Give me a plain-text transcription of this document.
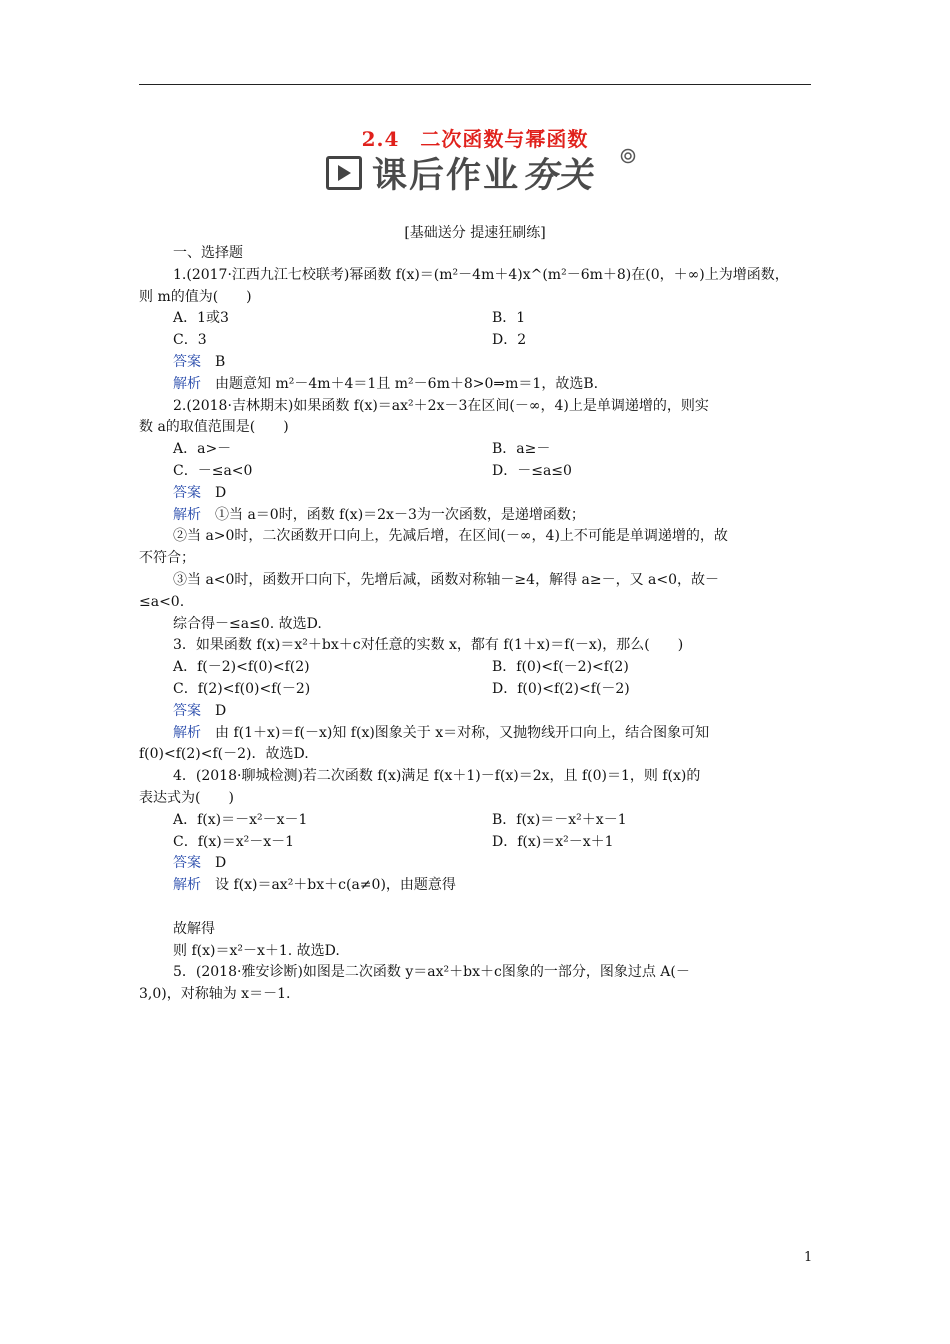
2.4　二次函数与幂函数
课后作业 夯关
[基础送分 提速狂刷练]
一、选择题
1.(2017·江西九江七校联考)幂函数 f(x)＝(m²－4m＋4)x^(m²－6m＋8)在(0，＋∞)上为增函数，
则 m的值为(　　)
A．1或3	B．1
C．3	D．2
答案　 B
解析　 由题意知 m²－4m＋4＝1且 m²－6m＋8>0⇒m＝1，故选B.
2.(2018·吉林期末)如果函数 f(x)＝ax²＋2x－3在区间(－∞，4)上是单调递增的，则实
数 a的取值范围是(　　)
A．a>－	B．a≥－
C．－≤a<0	D．－≤a≤0
答案　 D
解析　 ①当 a＝0时，函数 f(x)＝2x－3为一次函数，是递增函数；
②当 a>0时，二次函数开口向上，先减后增，在区间(－∞，4)上不可能是单调递增的，故
不符合；
③当 a<0时，函数开口向下，先增后减，函数对称轴－≥4，解得 a≥－，又 a<0，故－
≤a<0.
综合得－≤a≤0. 故选D.
3．如果函数 f(x)＝x²＋bx＋c对任意的实数 x，都有 f(1＋x)＝f(－x)，那么(　　)
A．f(－2)<f(0)<f(2)	B．f(0)<f(－2)<f(2)
C．f(2)<f(0)<f(－2)	D．f(0)<f(2)<f(－2)
答案　 D
解析　 由 f(1＋x)＝f(－x)知 f(x)图象关于 x＝对称，又抛物线开口向上，结合图象可知
f(0)<f(2)<f(－2)．故选D.
4．(2018·聊城检测)若二次函数 f(x)满足 f(x＋1)－f(x)＝2x，且 f(0)＝1，则 f(x)的
表达式为(　　)
A．f(x)＝－x²－x－1	B．f(x)＝－x²＋x－1
C．f(x)＝x²－x－1	D．f(x)＝x²－x＋1
答案　 D
解析　 设 f(x)＝ax²＋bx＋c(a≠0)，由题意得
故解得
则 f(x)＝x²－x＋1. 故选D.
5．(2018·雅安诊断)如图是二次函数 y＝ax²＋bx＋c图象的一部分，图象过点 A(－
3,0)，对称轴为 x＝－1.
1
